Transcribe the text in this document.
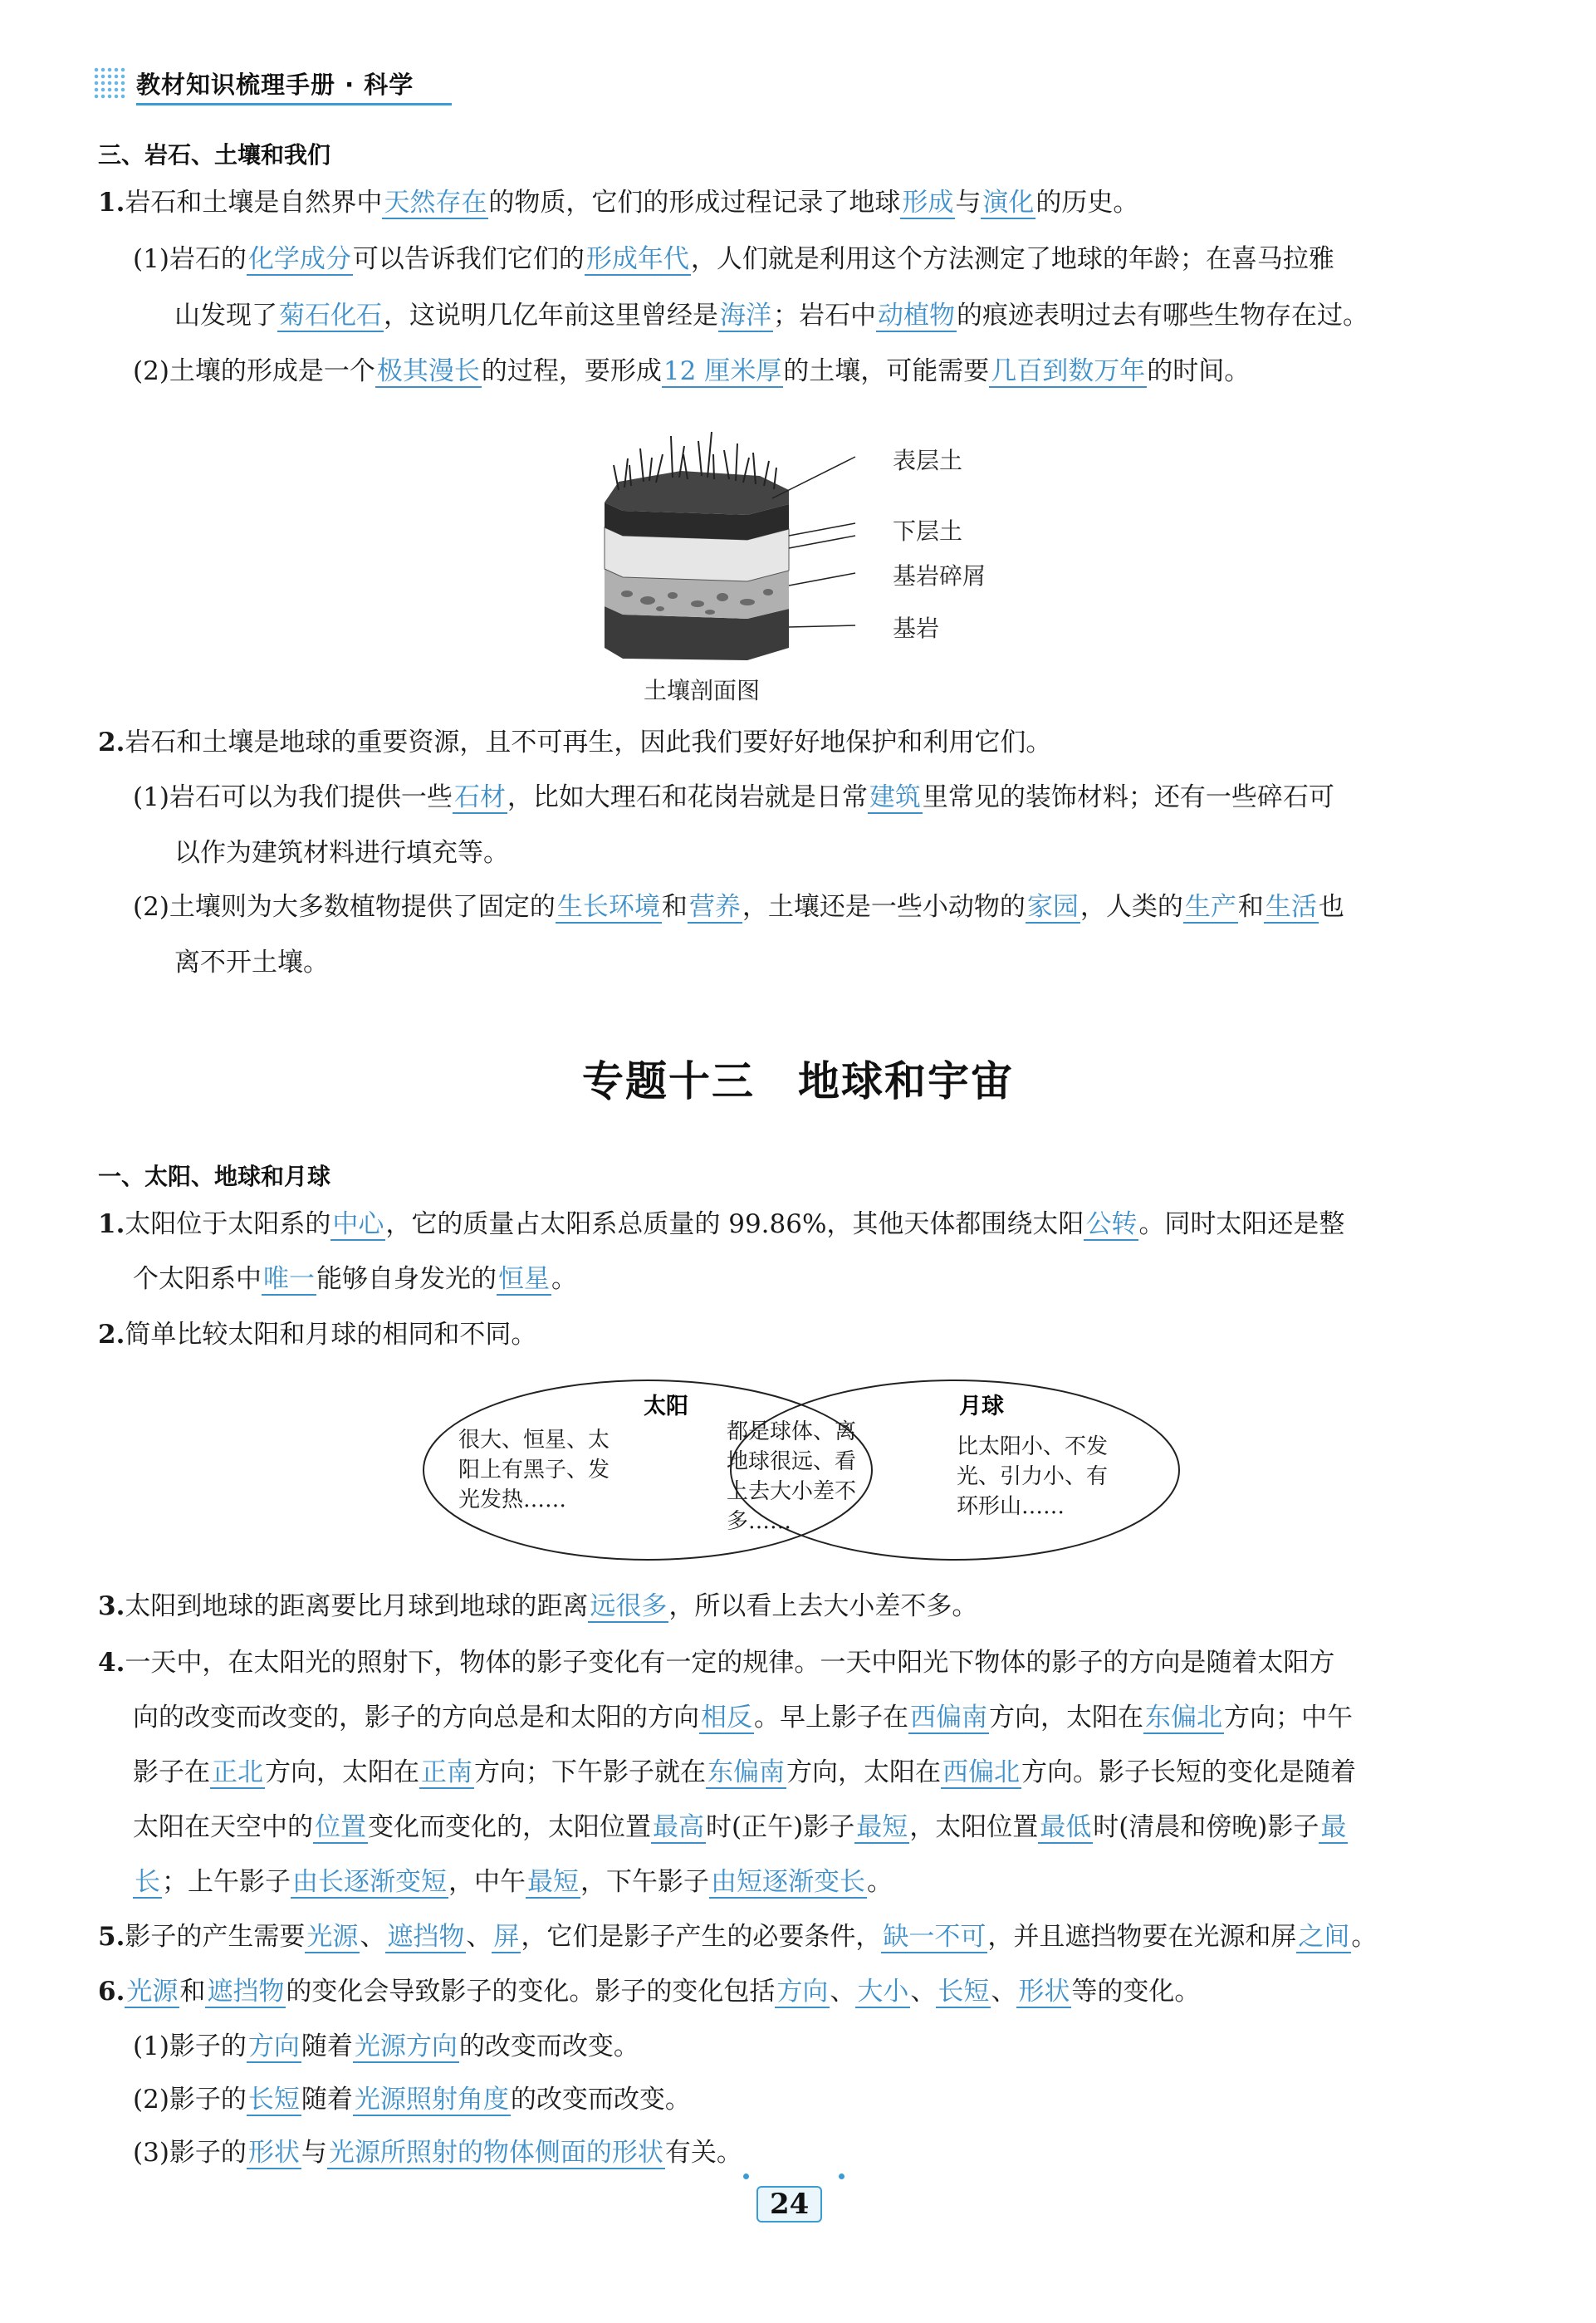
教材知识梳理手册 · 科学
三、岩石、土壤和我们
1.岩石和土壤是自然界中天然存在的物质，它们的形成过程记录了地球形成与演化的历史。
(1)岩石的化学成分可以告诉我们它们的形成年代，人们就是利用这个方法测定了地球的年龄；在喜马拉雅
山发现了菊石化石，这说明几亿年前这里曾经是海洋；岩石中动植物的痕迹表明过去有哪些生物存在过。
(2)土壤的形成是一个极其漫长的过程，要形成12 厘米厚的土壤，可能需要几百到数万年的时间。
表层土
下层土
基岩碎屑
基岩
土壤剖面图
2.岩石和土壤是地球的重要资源，且不可再生，因此我们要好好地保护和利用它们。
(1)岩石可以为我们提供一些石材，比如大理石和花岗岩就是日常建筑里常见的装饰材料；还有一些碎石可
以作为建筑材料进行填充等。
(2)土壤则为大多数植物提供了固定的生长环境和营养，土壤还是一些小动物的家园，人类的生产和生活也
离不开土壤。
专题十三　地球和宇宙
一、太阳、地球和月球
1.太阳位于太阳系的中心，它的质量占太阳系总质量的 99.86%，其他天体都围绕太阳公转。同时太阳还是整
个太阳系中唯一能够自身发光的恒星。
2.简单比较太阳和月球的相同和不同。
太阳	月球
很大、恒星、太
阳上有黑子、发
光发热……
都是球体、离
地球很远、看
上去大小差不
多……
比太阳小、不发
光、引力小、有
环形山……
3.太阳到地球的距离要比月球到地球的距离远很多，所以看上去大小差不多。
4.一天中，在太阳光的照射下，物体的影子变化有一定的规律。一天中阳光下物体的影子的方向是随着太阳方
向的改变而改变的，影子的方向总是和太阳的方向相反。早上影子在西偏南方向，太阳在东偏北方向；中午
影子在正北方向，太阳在正南方向；下午影子就在东偏南方向，太阳在西偏北方向。影子长短的变化是随着
太阳在天空中的位置变化而变化的，太阳位置最高时(正午)影子最短，太阳位置最低时(清晨和傍晚)影子最
长；上午影子由长逐渐变短，中午最短，下午影子由短逐渐变长。
5.影子的产生需要光源、遮挡物、屏，它们是影子产生的必要条件，缺一不可，并且遮挡物要在光源和屏之间。
6.光源和遮挡物的变化会导致影子的变化。影子的变化包括方向、大小、长短、形状等的变化。
(1)影子的方向随着光源方向的改变而改变。
(2)影子的长短随着光源照射角度的改变而改变。
(3)影子的形状与光源所照射的物体侧面的形状有关。
24
